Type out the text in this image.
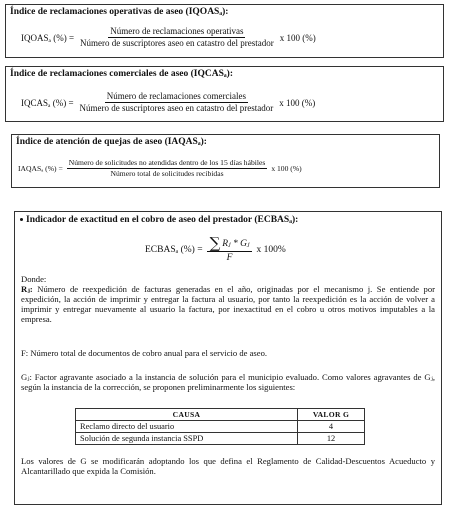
Índice de reclamaciones operativas de aseo (IQOASₐ):
IQOASₐ (%) = $\frac{\text{Número de reclamaciones operativas}}{\text{Número de suscriptores aseo en catastro del prestador}}$ x 100 (%)
Índice de reclamaciones comerciales de aseo (IQCASₐ):
IQCASₐ (%) = $\frac{\text{Número de reclamaciones comerciales}}{\text{Número de suscriptores aseo en catastro del prestador}}$ x 100 (%)
Índice de atención de quejas de aseo (IAQASₐ):
IAQASₐ (%) =
Número de solicitudes no atendidas dentro de los 15 días hábiles
Número total de solicitudes recibidas
x 100 (%)
Indicador de exactitud en el cobro de aseo del prestador (ECBASₐ):
ECBASₐ (%) = $\frac{\text{∑ Rⱼ * Gⱼ}}{F}$ x 100%
Donde:
Rⱼ: Número de reexpedición de facturas generadas en el año, originadas por el mecanismo j. Se entiende por expedición, la acción de imprimir y entregar la factura al usuario, por tanto la reexpedición es la acción de volver a imprimir y entregar nuevamente al usuario la factura, por inexactitud en el cobro u otros motivos imputables a la empresa.
F: Número total de documentos de cobro anual para el servicio de aseo.
Gⱼ: Factor agravante asociado a la instancia de solución para el municipio evaluado. Como valores agravantes de Gⱼ, según la instancia de la corrección, se proponen preliminarmente los siguientes:
CAUSA	VALOR G
Reclamo directo del usuario	4
Solución de segunda instancia SSPD	12
Los valores de G se modificarán adoptando los que defina el Reglamento de Calidad-Descuentos Acueducto y Alcantarillado que expida la Comisión.
